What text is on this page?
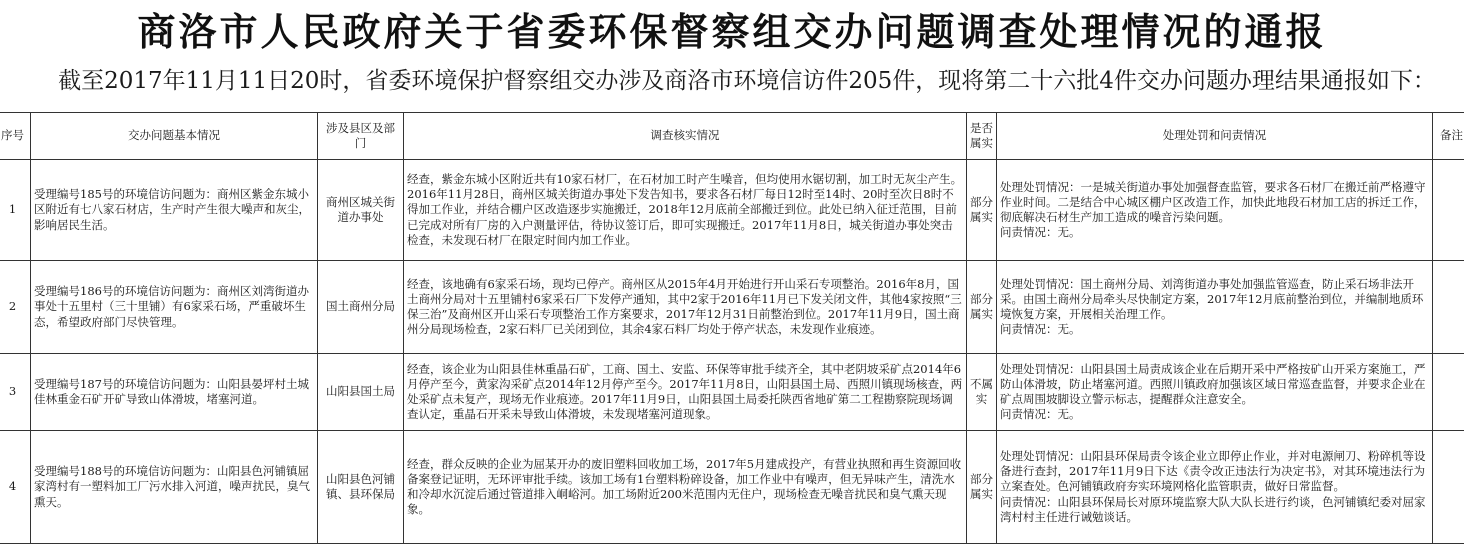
商洛市人民政府关于省委环保督察组交办问题调查处理情况的通报
截至2017年11月11日20时，省委环境保护督察组交办涉及商洛市环境信访件205件，现将第二十六批4件交办问题办理结果通报如下：
序号	交办问题基本情况	涉及县区及部门	调查核实情况	是否属实	处理处罚和问责情况	备注
1	受理编号185号的环境信访问题为：商州区紫金东城小区附近有七八家石材店，生产时产生很大噪声和灰尘，影响居民生活。	商州区城关街道办事处	经查，紫金东城小区附近共有10家石材厂，在石材加工时产生噪音，但均使用水锯切割，加工时无灰尘产生。2016年11月28日，商州区城关街道办事处下发告知书，要求各石材厂每日12时至14时、20时至次日8时不得加工作业，并结合棚户区改造逐步实施搬迁，2018年12月底前全部搬迁到位。此处已纳入征迁范围，目前已完成对所有厂房的入户测量评估，待协议签订后，即可实现搬迁。2017年11月8日，城关街道办事处突击检查，未发现石材厂在限定时间内加工作业。	部分属实	处理处罚情况：一是城关街道办事处加强督查监管，要求各石材厂在搬迁前严格遵守作业时间。二是结合中心城区棚户区改造工作，加快此地段石材加工店的拆迁工作，彻底解决石材生产加工造成的噪音污染问题。

问责情况：无。	

2	受理编号186号的环境信访问题为：商州区刘湾街道办事处十五里村（三十里铺）有6家采石场，严重破坏生态，希望政府部门尽快管理。	国土商州分局	经查，该地确有6家采石场，现均已停产。商州区从2015年4月开始进行开山采石专项整治。2016年8月，国土商州分局对十五里铺村6家采石厂下发停产通知，其中2家于2016年11月已下发关闭文件，其他4家按照“三保三治”及商州区开山采石专项整治工作方案要求，2017年12月31日前整治到位。2017年11月9日，国土商州分局现场检查，2家石料厂已关闭到位，其余4家石料厂均处于停产状态，未发现作业痕迹。	部分属实	处理处罚情况：国土商州分局、刘湾街道办事处加强监管巡查，防止采石场非法开采。由国土商州分局牵头尽快制定方案，2017年12月底前整治到位，并编制地质环境恢复方案，开展相关治理工作。

问责情况：无。	

3	受理编号187号的环境信访问题为：山阳县晏坪村土城佳林重金石矿开矿导致山体滑坡，堵塞河道。	山阳县国土局	经查，该企业为山阳县佳林重晶石矿，工商、国土、安监、环保等审批手续齐全，其中老阴坡采矿点2014年6月停产至今，黄家沟采矿点2014年12月停产至今。2017年11月8日，山阳县国土局、西照川镇现场核查，两处采矿点未复产，现场无作业痕迹。2017年11月9日，山阳县国土局委托陕西省地矿第二工程勘察院现场调查认定，重晶石开采未导致山体滑坡，未发现堵塞河道现象。	不属实	处理处罚情况：山阳县国土局责成该企业在后期开采中严格按矿山开采方案施工，严防山体滑坡，防止堵塞河道。西照川镇政府加强该区域日常巡查监督，并要求企业在矿点周围坡脚设立警示标志，提醒群众注意安全。

问责情况：无。	

4	受理编号188号的环境信访问题为：山阳县色河铺镇屈家湾村有一塑料加工厂污水排入河道，噪声扰民，臭气熏天。	山阳县色河铺镇、县环保局	经查，群众反映的企业为屈某开办的废旧塑料回收加工场，2017年5月建成投产，有营业执照和再生资源回收备案登记证明，无环评审批手续。该加工场有1台塑料粉碎设备，加工作业中有噪声，但无异味产生，清洗水和冷却水沉淀后通过管道排入峒峪河。加工场附近200米范围内无住户，现场检查无噪音扰民和臭气熏天现象。	部分属实	处理处罚情况：山阳县环保局责令该企业立即停止作业，并对电源闸刀、粉碎机等设备进行查封，2017年11月9日下达《责令改正违法行为决定书》，对其环境违法行为立案查处。色河铺镇政府夯实环境网格化监管职责，做好日常监督。

问责情况：山阳县环保局长对原环境监察大队大队长进行约谈，色河铺镇纪委对屈家湾村村主任进行诫勉谈话。	
